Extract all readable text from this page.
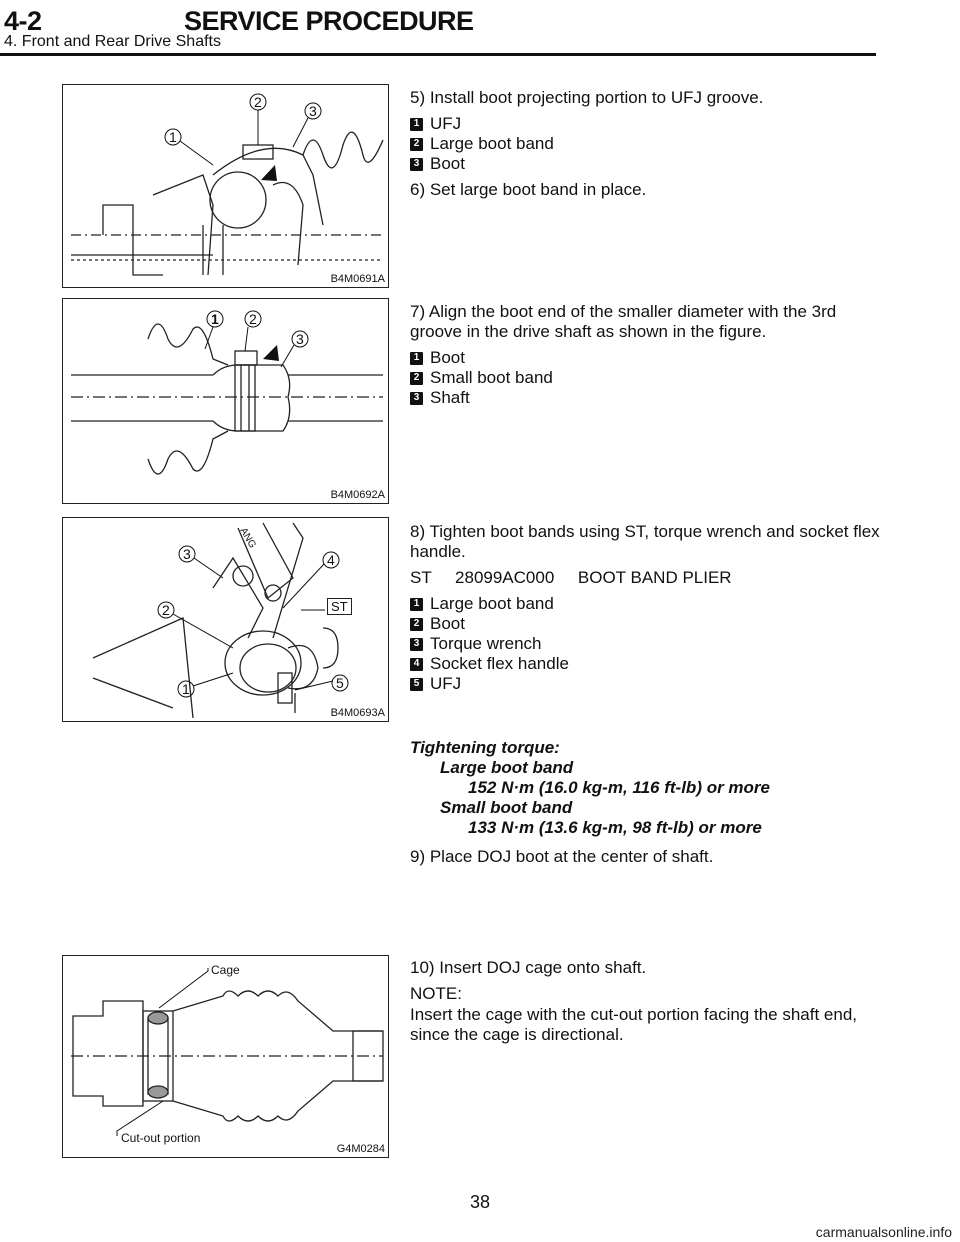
4-2	SERVICE PROCEDURE
4. Front and Rear Drive Shafts
1
2
3
B4M0691A
1 2
3
B4M0692A
ANG
3	4
2
1	5
ST
B4M0693A
Cage
Cut-out portion
G4M0284
5) Install boot projecting portion to UFJ groove.
1 UFJ
2 Large boot band
3 Boot
6) Set large boot band in place.
7) Align the boot end of the smaller diameter with the 3rd groove in the drive shaft as shown in the figure.
1 Boot
2 Small boot band
3 Shaft
8) Tighten boot bands using ST, torque wrench and socket flex handle.
ST     28099AC000     BOOT BAND PLIER
1 Large boot band
2 Boot
3 Torque wrench
4 Socket flex handle
5 UFJ
Tightening torque:
Large boot band
152 N·m (16.0 kg-m, 116 ft-lb) or more
Small boot band
133 N·m (13.6 kg-m, 98 ft-lb) or more
9) Place DOJ boot at the center of shaft.
10) Insert DOJ cage onto shaft.
NOTE:
Insert the cage with the cut-out portion facing the shaft end, since the cage is directional.
38
carmanualsonline.info
